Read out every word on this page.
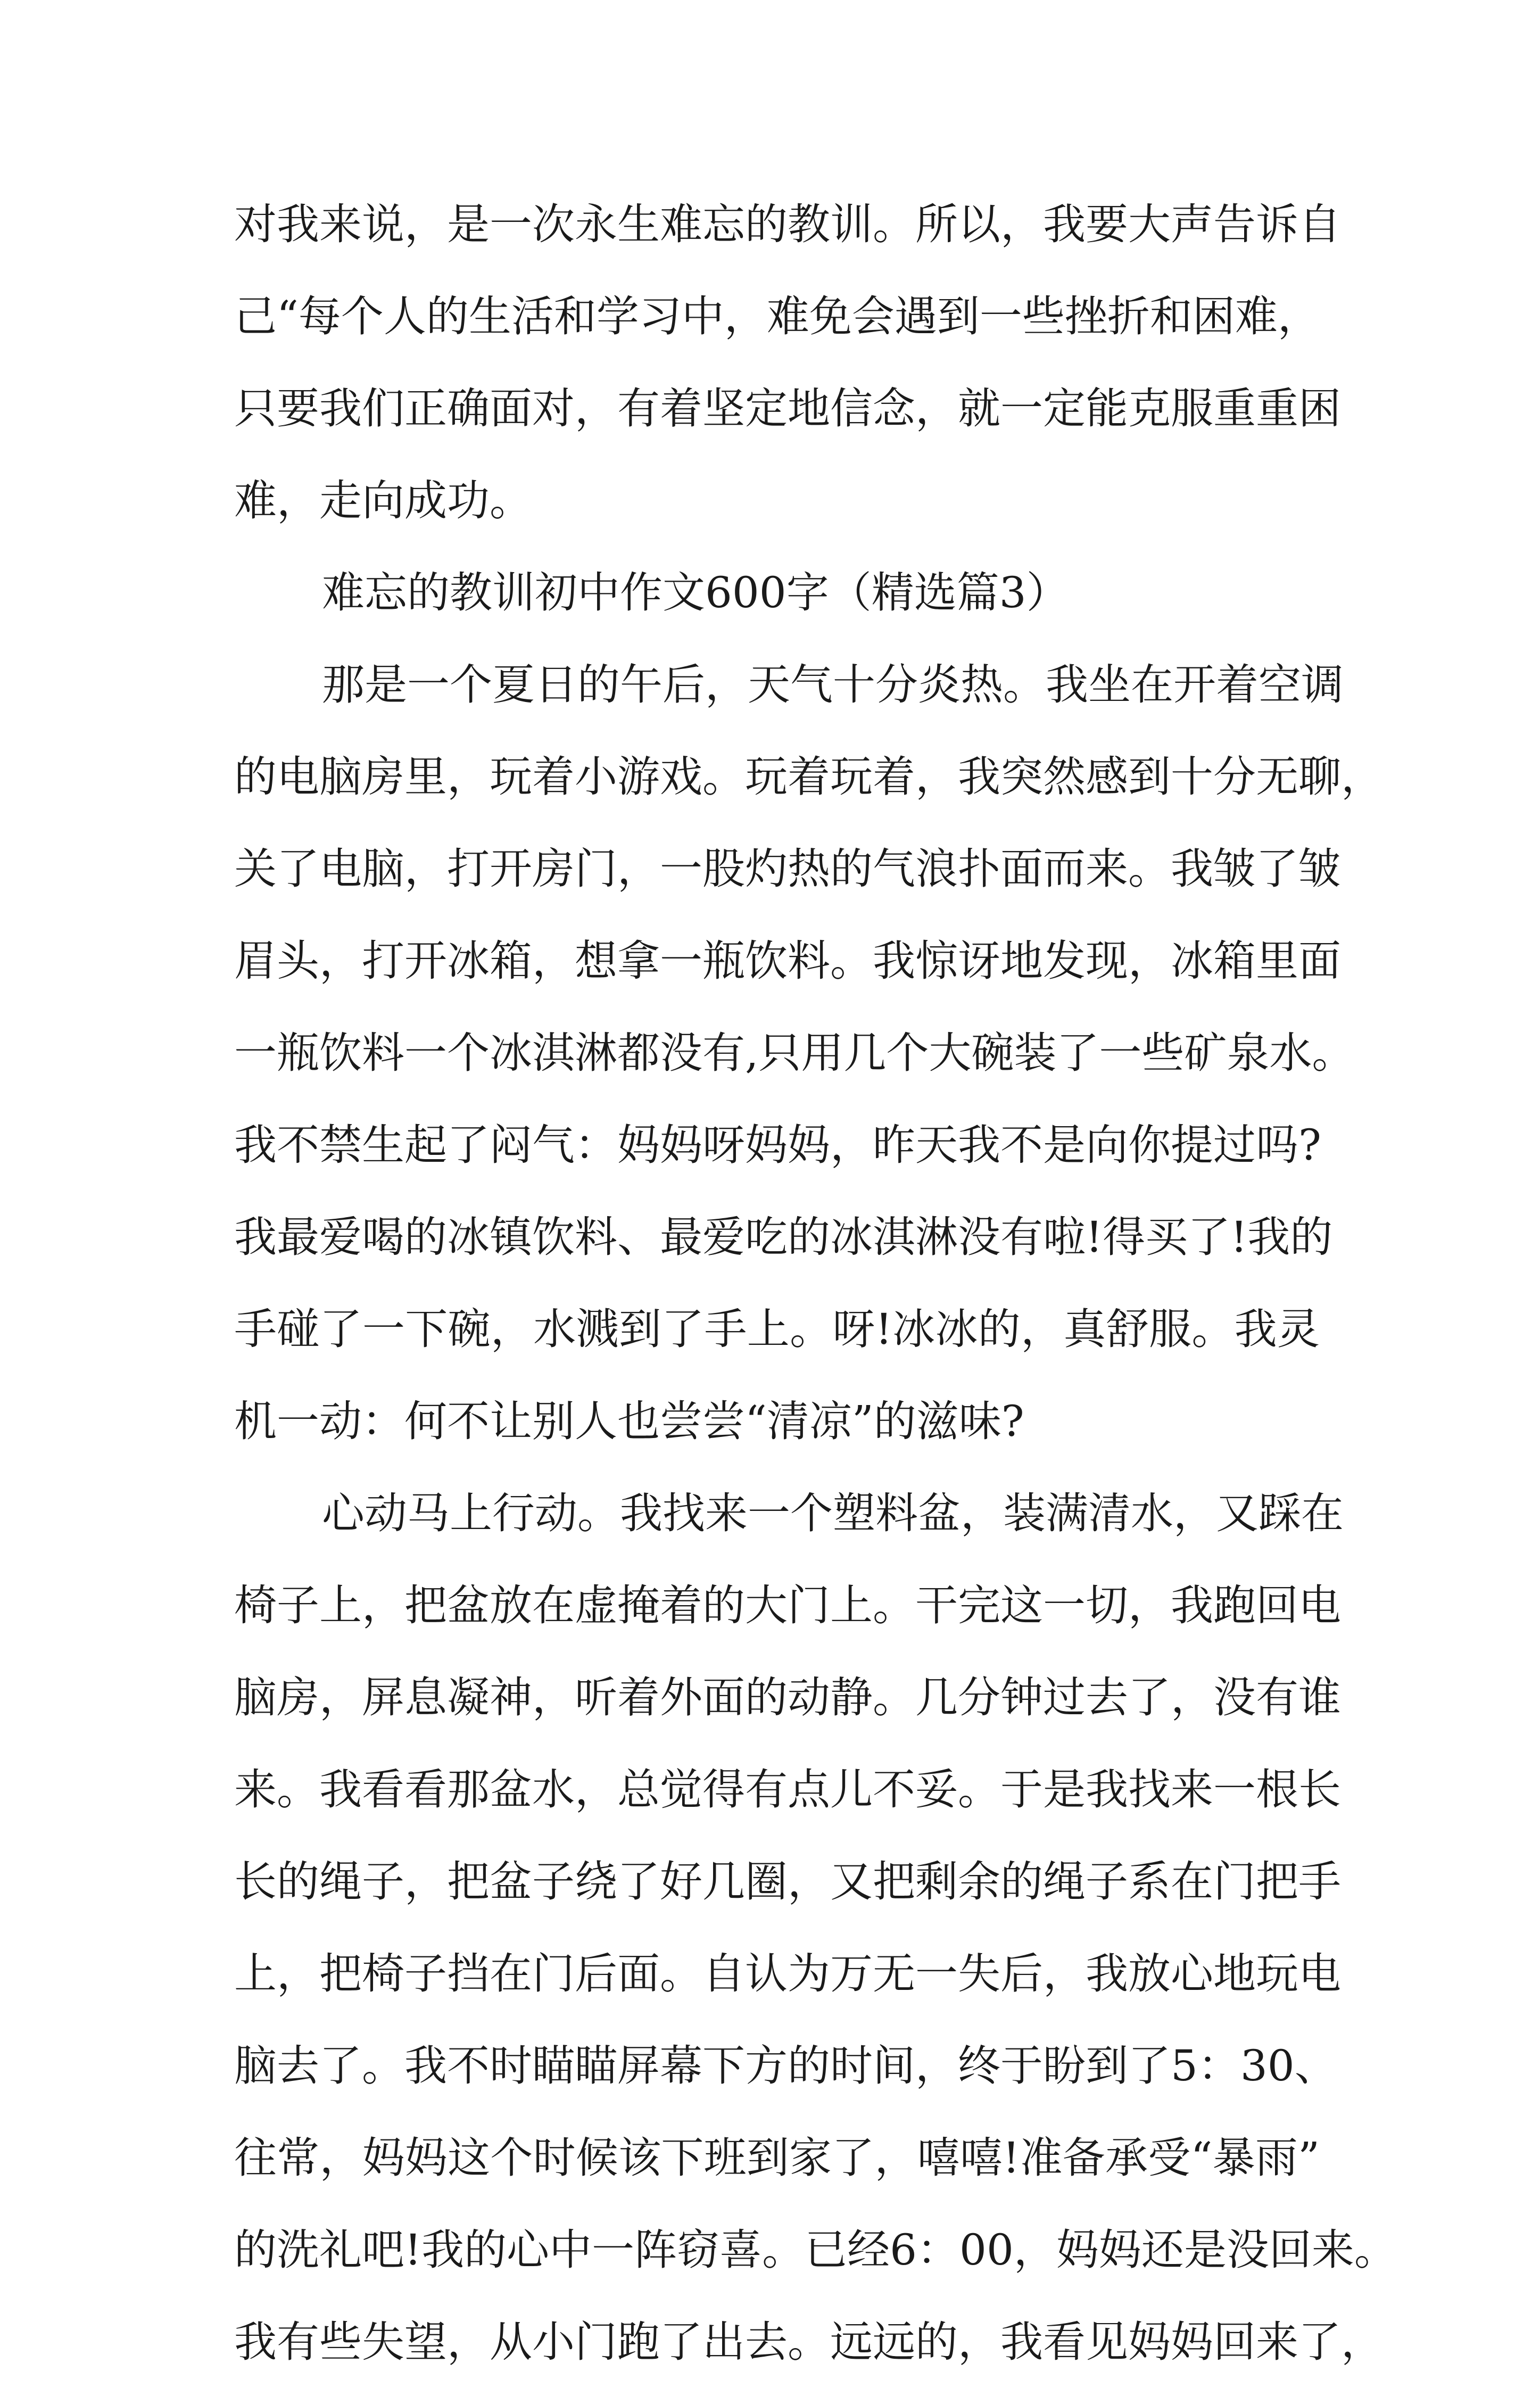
对我来说，是一次永生难忘的教训。所以，我要大声告诉自
己“每个人的生活和学习中，难免会遇到一些挫折和困难，
只要我们正确面对，有着坚定地信念，就一定能克服重重困
难，走向成功。
难忘的教训初中作文600字（精选篇3）
那是一个夏日的午后，天气十分炎热。我坐在开着空调
的电脑房里，玩着小游戏。玩着玩着，我突然感到十分无聊，
关了电脑，打开房门，一股灼热的气浪扑面而来。我皱了皱
眉头，打开冰箱，想拿一瓶饮料。我惊讶地发现，冰箱里面
一瓶饮料一个冰淇淋都没有,只用几个大碗装了一些矿泉水。
我不禁生起了闷气：妈妈呀妈妈，昨天我不是向你提过吗?
我最爱喝的冰镇饮料、最爱吃的冰淇淋没有啦!得买了!我的
手碰了一下碗，水溅到了手上。呀!冰冰的，真舒服。我灵
机一动：何不让别人也尝尝“清凉”的滋味?
心动马上行动。我找来一个塑料盆，装满清水，又踩在
椅子上，把盆放在虚掩着的大门上。干完这一切，我跑回电
脑房，屏息凝神，听着外面的动静。几分钟过去了，没有谁
来。我看看那盆水，总觉得有点儿不妥。于是我找来一根长
长的绳子，把盆子绕了好几圈，又把剩余的绳子系在门把手
上，把椅子挡在门后面。自认为万无一失后，我放心地玩电
脑去了。我不时瞄瞄屏幕下方的时间，终于盼到了5：30、
往常，妈妈这个时候该下班到家了，嘻嘻!准备承受“暴雨”
的洗礼吧!我的心中一阵窃喜。已经6：00，妈妈还是没回来。
我有些失望，从小门跑了出去。远远的，我看见妈妈回来了，
